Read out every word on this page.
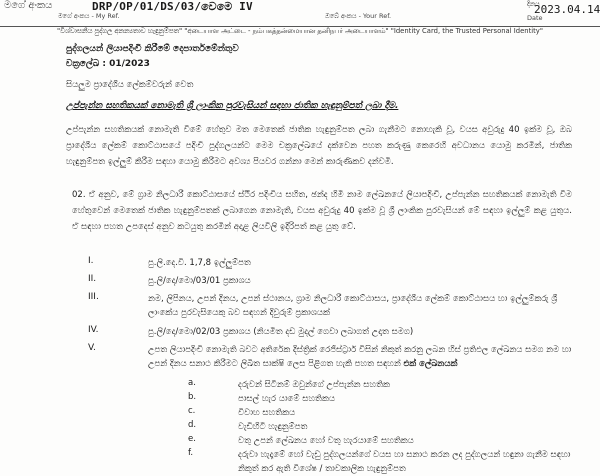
මගේ අංකය	DRP/OP/01/DS/03/වෙමෙ IV
මගේ අංකය - My Ref.	ඔබේ අංකය - Your Ref.
දිනය
2023.04.14
Date
"විශ්වාසනීය පුද්ගල අනන්‍යතාව හැඳුනුම්පත" "අடையாள அட்டை - நம்பகத்தன்மையான தனிநபர் அடையாளம்" "Identity Card, the Trusted Personal Identity"
පුද්ගලයන් ලියාපදිංචි කිරීමේ දෙපාර්තමේන්තුව
චක්‍රලේඛ : 01/2023
සියලුම ප්‍රාදේශීය ලේකම්වරුන් වෙත
උප්පැන්න සහතිකයක් නොමැති ශ්‍රී ලාංකික පුරවැසියන් සඳහා ජාතික හැඳුනුම්පත් ලබා දීම.
උප්පැන්න සහතිකයක් නොමැති වීමේ හේතුව මත මෙතෙක් ජාතික හැඳුනුම්පත ලබා ගැනීමට නොහැකි වූ, වයස අවුරුදු 40 ඉක්ම වූ, ඔබ ප්‍රාදේශීය ලේකම් කොට්ඨාසයේ පදිංචි පුද්ගලයන්ට මෙම චක්‍රලේඛයේ දක්වෙන පහත කරුණු කෙරෙහි අවධානය යොමු කරමින්, ජාතික හැඳුනුම්පත ඉල්ලුම් කිරීම සඳහා යොමු කිරීමට අවශ්‍ය පියවර ගන්නා මෙන් කාරුණිකව දන්වමි.
02. ඒ අනුව, මේ ග්‍රාම නිලධාරී කොට්ඨාසයේ ස්ථිර පදිංචිය සහිත, ඡන්ද හිමි නාම ලේඛනයේ ලියාපදිංචි, උප්පැන්න සහතිකයක් නොමැති වීම හේතුවෙන් මෙතෙක් ජාතික හැඳුනුම්පතක් ලබාගෙන නොමැති, වයස අවුරුදු 40 ඉක්ම වූ ශ්‍රී ලාංකික පුරවැසියන් මේ සඳහා ඉල්ලුම් කළ යුතුය. ඒ සඳහා පහත උපදෙස් අනුව කටයුතු කරමින් අදාළ ලියවිලි ඉදිරිපත් කළ යුතු වේ.
I.	පු.ලි.දෙ.වි. 1,7,8 ඉල්ලුම්පත
II.	පු.ලි/දෙ/මො/03/01 ප්‍රකාශය
III.	නම, ලිපිනය, උපන් දිනය, උපන් ස්ථානය, ග්‍රාම නිලධාරී කොට්ඨාසය, ප්‍රාදේශීය ලේකම් කොට්ඨාසය හා ඉල්ලුම්කරු ශ්‍රී ලාංකේය පුරවැසියෙකු බව සඳහන් දිවුරුම් ප්‍රකාශයක්
IV.	පු.ලි/දෙ/මො/02/03 ප්‍රකාශය (නියමිත දඩ මුදල් ගෙවා ලබාගත් උදෘත සමග)
V.	උපත ලියාපදිංචි නොමැති බවට අතිරේක දිස්ත්‍රික් රෙජිස්ට්‍රාර් විසින් නිකුත් කරනු ලබන හිස් ප්‍රතිඵල ලේඛනය සමග නම හා උපන් දිනය සනාථ කිරීමට ලිඛිත සාක්ෂි ලෙස පිළිගත හැකි පහත සඳහන් එක් ලේඛනයක්
a.	දරුවන් සිටීනම් ඔවුන්ගේ උප්පැන්න සහතික
b.	පාසල් හැර යාමේ සහතිකය
c.	විවාහ සහතිකය
d.	වැඩිහිටි හැඳුනුම්පත
e.	වතු උපන් ලේඛනය හෝ වතු හැරයාමේ සහතිකය
f.	දරුවා හැදෑමේ හෝ වැඩු පුද්ගලයන්ගේ වයස හා සනාථ කරන ලද පුද්ගලයන් හඳුනා ගැනීම සඳහා නිකුත් කර ඇති විශේෂ / තාවකාලික හැඳුනුම්පත
